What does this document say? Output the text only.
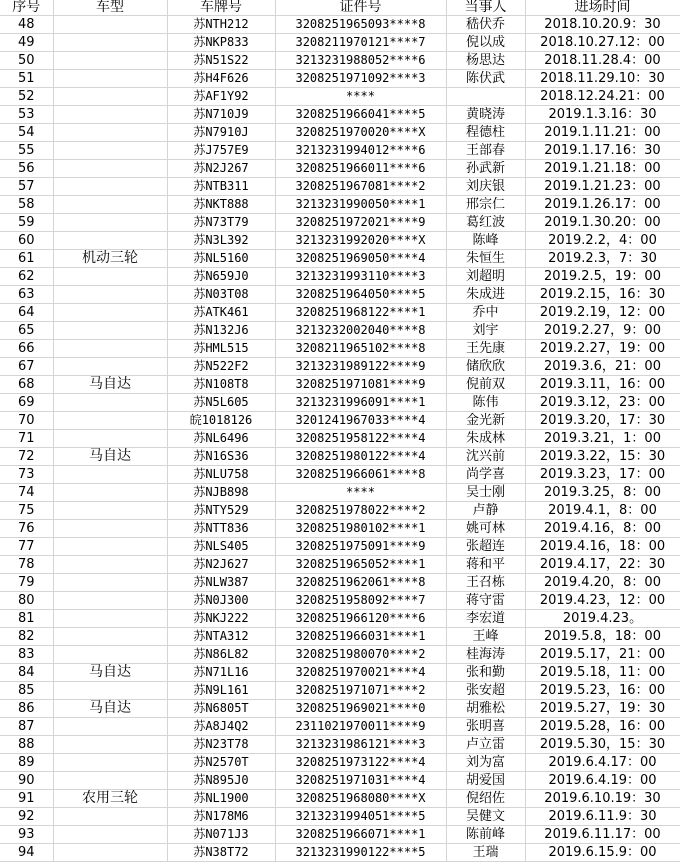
序号	车型	车牌号	证件号	当事人	进场时间
48		苏NTH212	3208251965093****8	嵇伏乔	2018.10.20.9：30
49		苏NKP833	3208211970121****7	倪以成	2018.10.27.12：00
50		苏N51S22	3213231988052****6	杨思达	2018.11.28.4：00
51		苏H4F626	3208251971092****3	陈伏武	2018.11.29.10：30
52		苏AF1Y92	****		2018.12.24.21：00
53		苏N710J9	3208251966041****5	黄晓涛	2019.1.3.16：30
54		苏N7910J	3208251970020****X	程德柱	2019.1.11.21：00
55		苏J757E9	3213231994012****6	王部春	2019.1.17.16：30
56		苏N2J267	3208251966011****6	孙武新	2019.1.21.18：00
57		苏NTB311	3208251967081****2	刘庆银	2019.1.21.23：00
58		苏NKT888	3213231990050****1	邢宗仁	2019.1.26.17：00
59		苏N73T79	3208251972021****9	葛红波	2019.1.30.20：00
60		苏N3L392	3213231992020****X	陈峰	2019.2.2，4：00
61	机动三轮	苏NL5160	3208251969050****4	朱恒生	2019.2.3，7：30
62		苏N659J0	3213231993110****3	刘超明	2019.2.5，19：00
63		苏N03T08	3208251964050****5	朱成进	2019.2.15，16：30
64		苏ATK461	3208251968122****1	乔中	2019.2.19，12：00
65		苏N132J6	3213232002040****8	刘宇	2019.2.27，9：00
66		苏HML515	3208211965102****8	王先康	2019.2.27，19：00
67		苏N522F2	3213231989122****9	储欣欣	2019.3.6，21：00
68	马自达	苏N108T8	3208251971081****9	倪前双	2019.3.11，16：00
69		苏N5L605	3213231996091****1	陈伟	2019.3.12，23：00
70		皖1018126	3201241967033****4	金光新	2019.3.20，17：30
71		苏NL6496	3208251958122****4	朱成林	2019.3.21，1：00
72	马自达	苏N16S36	3208251980122****4	沈兴前	2019.3.22，15：30
73		苏NLU758	3208251966061****8	尚学喜	2019.3.23，17：00
74		苏NJB898	****	吴士刚	2019.3.25，8：00
75		苏NTY529	3208251978022****2	卢静	2019.4.1，8：00
76		苏NTT836	3208251980102****1	姚可林	2019.4.16，8：00
77		苏NLS405	3208251975091****9	张超连	2019.4.16，18：00
78		苏N2J627	3208251965052****1	蒋和平	2019.4.17，22：30
79		苏NLW387	3208251962061****8	王召栋	2019.4.20，8：00
80		苏N0J300	3208251958092****7	蒋守雷	2019.4.23，12：00
81		苏NKJ222	3208251966120****6	李宏道	2019.4.23。
82		苏NTA312	3208251966031****1	王峰	2019.5.8，18：00
83		苏N86L82	3208251980070****2	桂海涛	2019.5.17，21：00
84	马自达	苏N71L16	3208251970021****4	张和勤	2019.5.18，11：00
85		苏N9L161	3208251971071****2	张安超	2019.5.23，16：00
86	马自达	苏N6805T	3208251969021****0	胡雅松	2019.5.27，19：30
87		苏A8J4Q2	2311021970011****9	张明喜	2019.5.28，16：00
88		苏N23T78	3213231986121****3	卢立雷	2019.5.30，15：30
89		苏N2570T	3208251973122****4	刘为富	2019.6.4.17：00
90		苏N895J0	3208251971031****4	胡爱国	2019.6.4.19：00
91	农用三轮	苏NL1900	3208251968080****X	倪绍佐	2019.6.10.19：30
92		苏N178M6	3213231994051****5	吴健文	2019.6.11.9：30
93		苏N071J3	3208251966071****1	陈前峰	2019.6.11.17：00
94		苏N38T72	3213231990122****5	王瑞	2019.6.15.9：00
